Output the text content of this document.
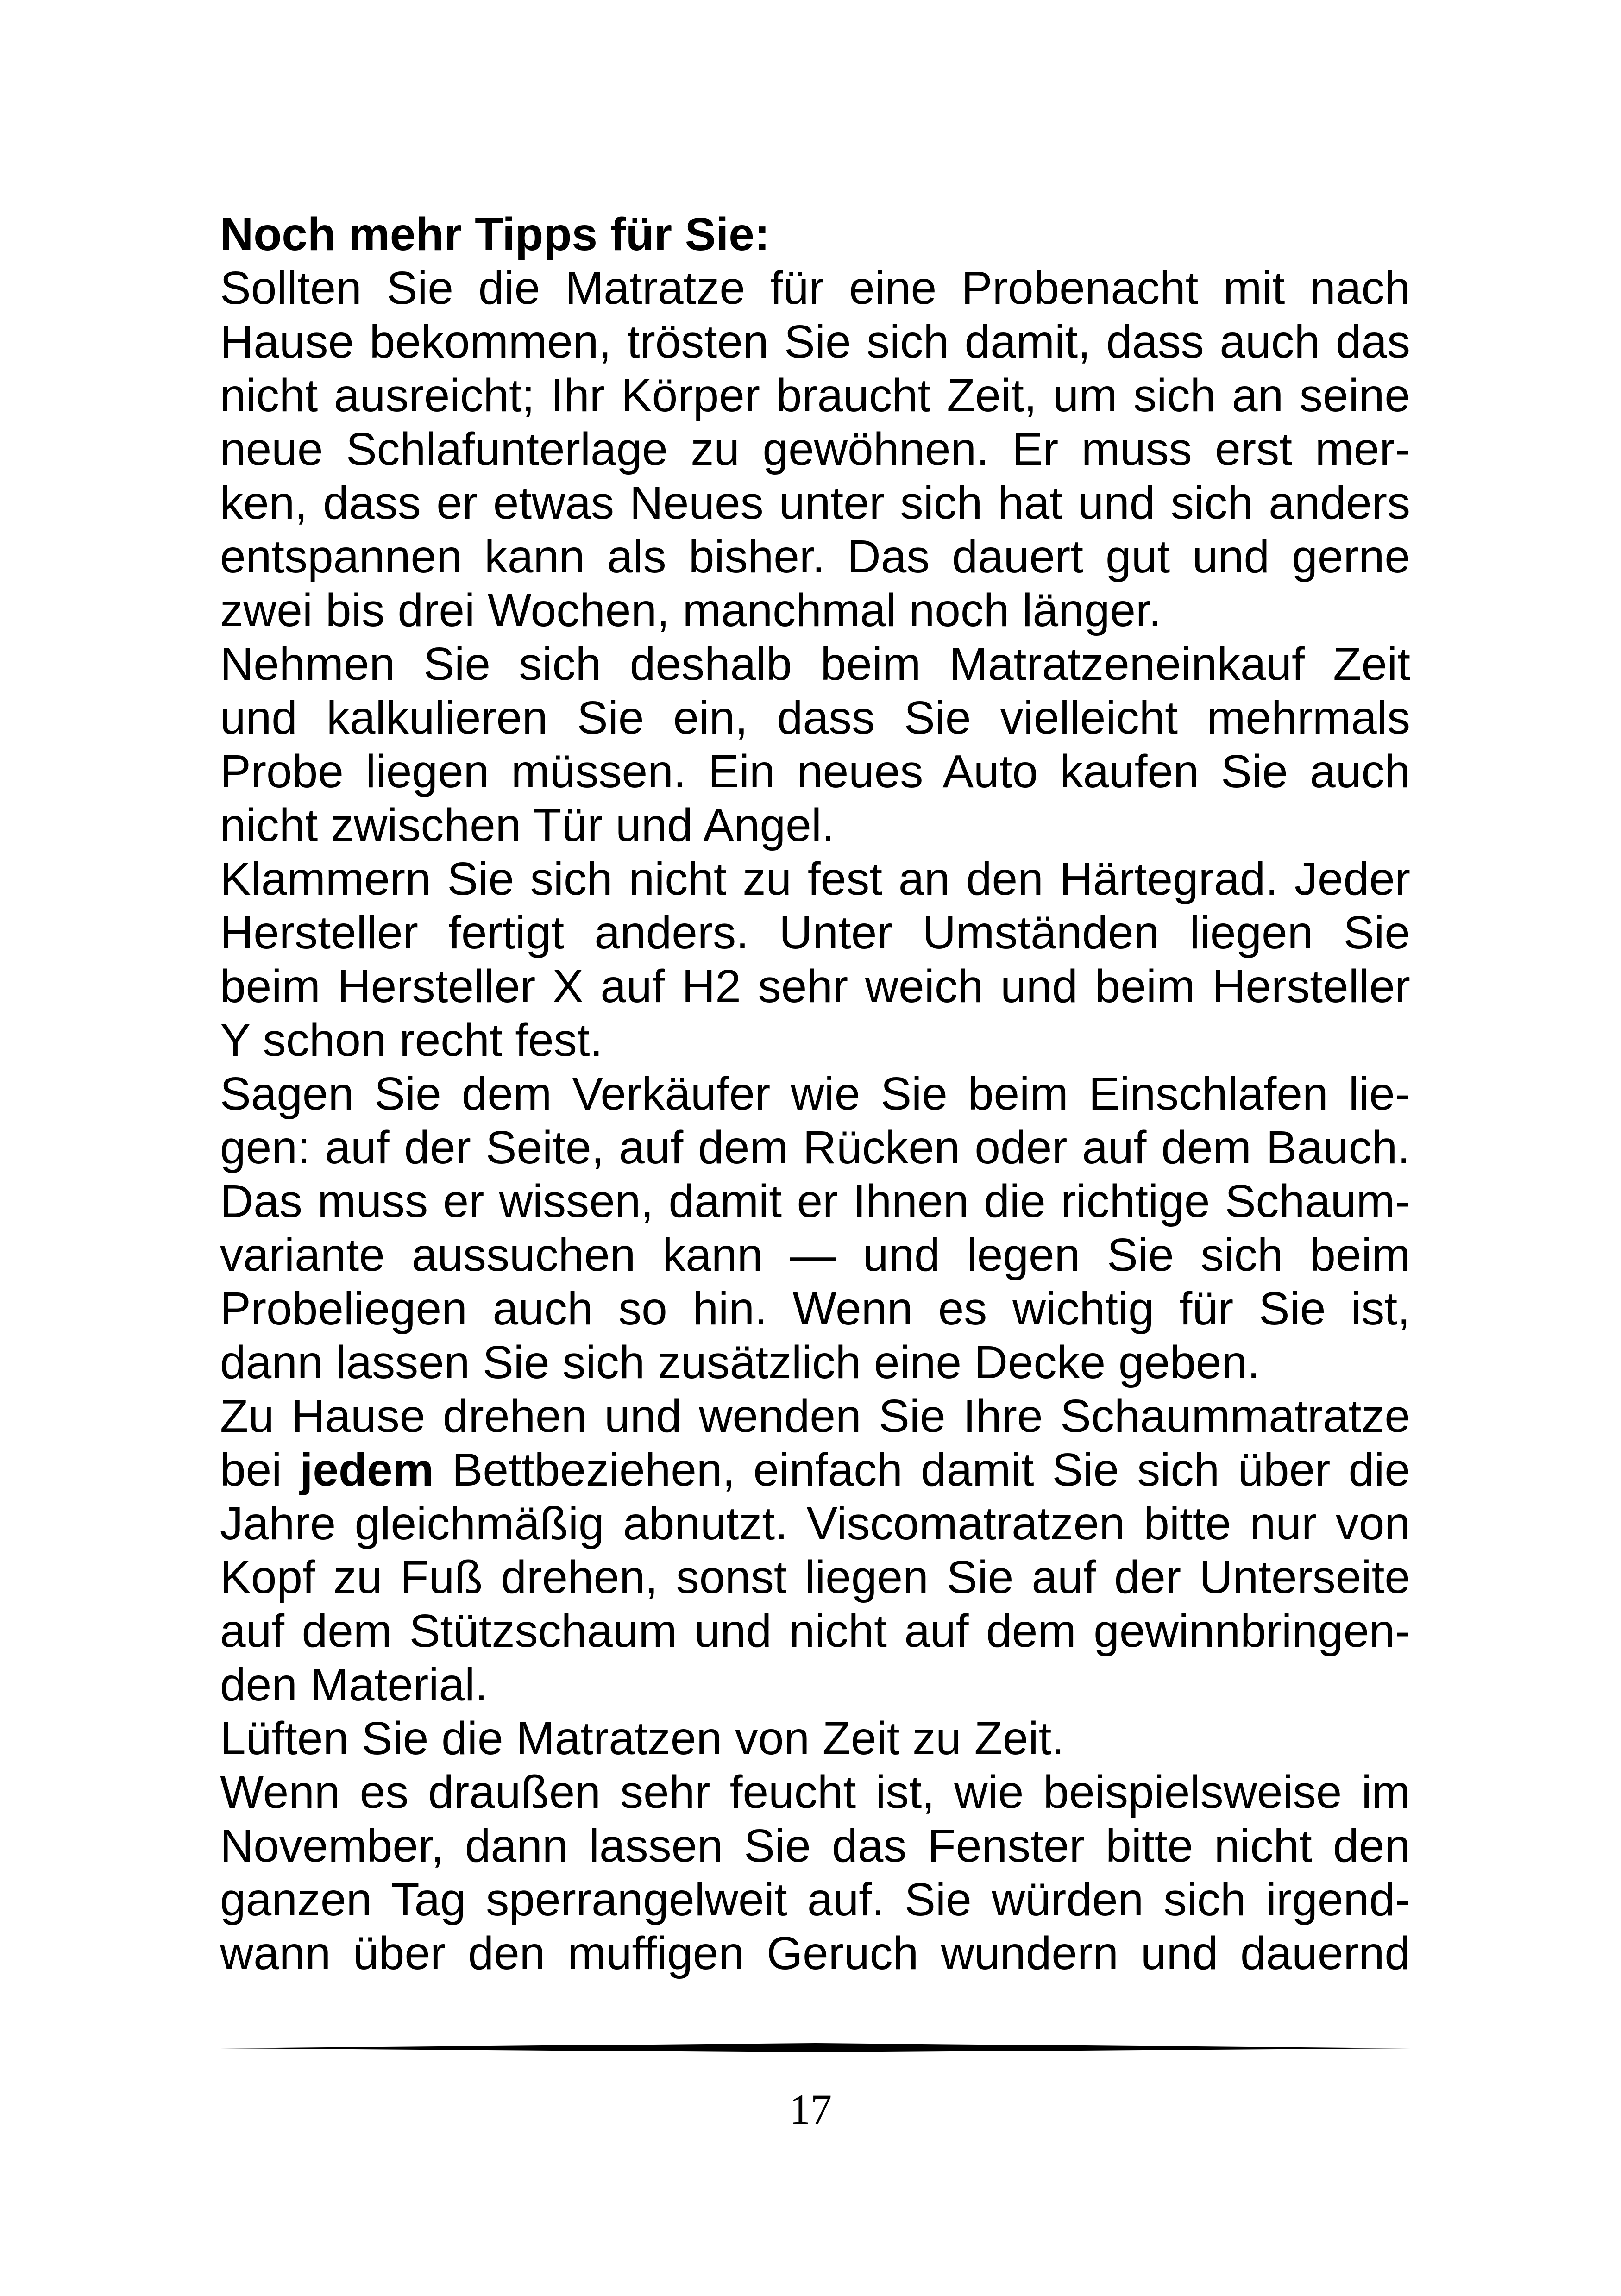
Noch mehr Tipps für Sie:
Sollten Sie die Matratze für eine Probenacht mit nach
Hause bekommen, trösten Sie sich damit, dass auch das
nicht ausreicht; Ihr Körper braucht Zeit, um sich an seine
neue Schlafunterlage zu gewöhnen. Er muss erst mer-
ken, dass er etwas Neues unter sich hat und sich anders
entspannen kann als bisher. Das dauert gut und gerne
zwei bis drei Wochen, manchmal noch länger.
Nehmen Sie sich deshalb beim Matratzeneinkauf Zeit
und kalkulieren Sie ein, dass Sie vielleicht mehrmals
Probe liegen müssen. Ein neues Auto kaufen Sie auch
nicht zwischen Tür und Angel.
Klammern Sie sich nicht zu fest an den Härtegrad. Jeder
Hersteller fertigt anders. Unter Umständen liegen Sie
beim Hersteller X auf H2 sehr weich und beim Hersteller
Y schon recht fest.
Sagen Sie dem Verkäufer wie Sie beim Einschlafen lie-
gen: auf der Seite, auf dem Rücken oder auf dem Bauch.
Das muss er wissen, damit er Ihnen die richtige Schaum-
variante aussuchen kann — und legen Sie sich beim
Probeliegen auch so hin. Wenn es wichtig für Sie ist,
dann lassen Sie sich zusätzlich eine Decke geben.
Zu Hause drehen und wenden Sie Ihre Schaummatratze
bei jedem Bettbeziehen, einfach damit Sie sich über die
Jahre gleichmäßig abnutzt. Viscomatratzen bitte nur von
Kopf zu Fuß drehen, sonst liegen Sie auf der Unterseite
auf dem Stützschaum und nicht auf dem gewinnbringen-
den Material.
Lüften Sie die Matratzen von Zeit zu Zeit.
Wenn es draußen sehr feucht ist, wie beispielsweise im
November, dann lassen Sie das Fenster bitte nicht den
ganzen Tag sperrangelweit auf. Sie würden sich irgend-
wann über den muffigen Geruch wundern und dauernd
17
